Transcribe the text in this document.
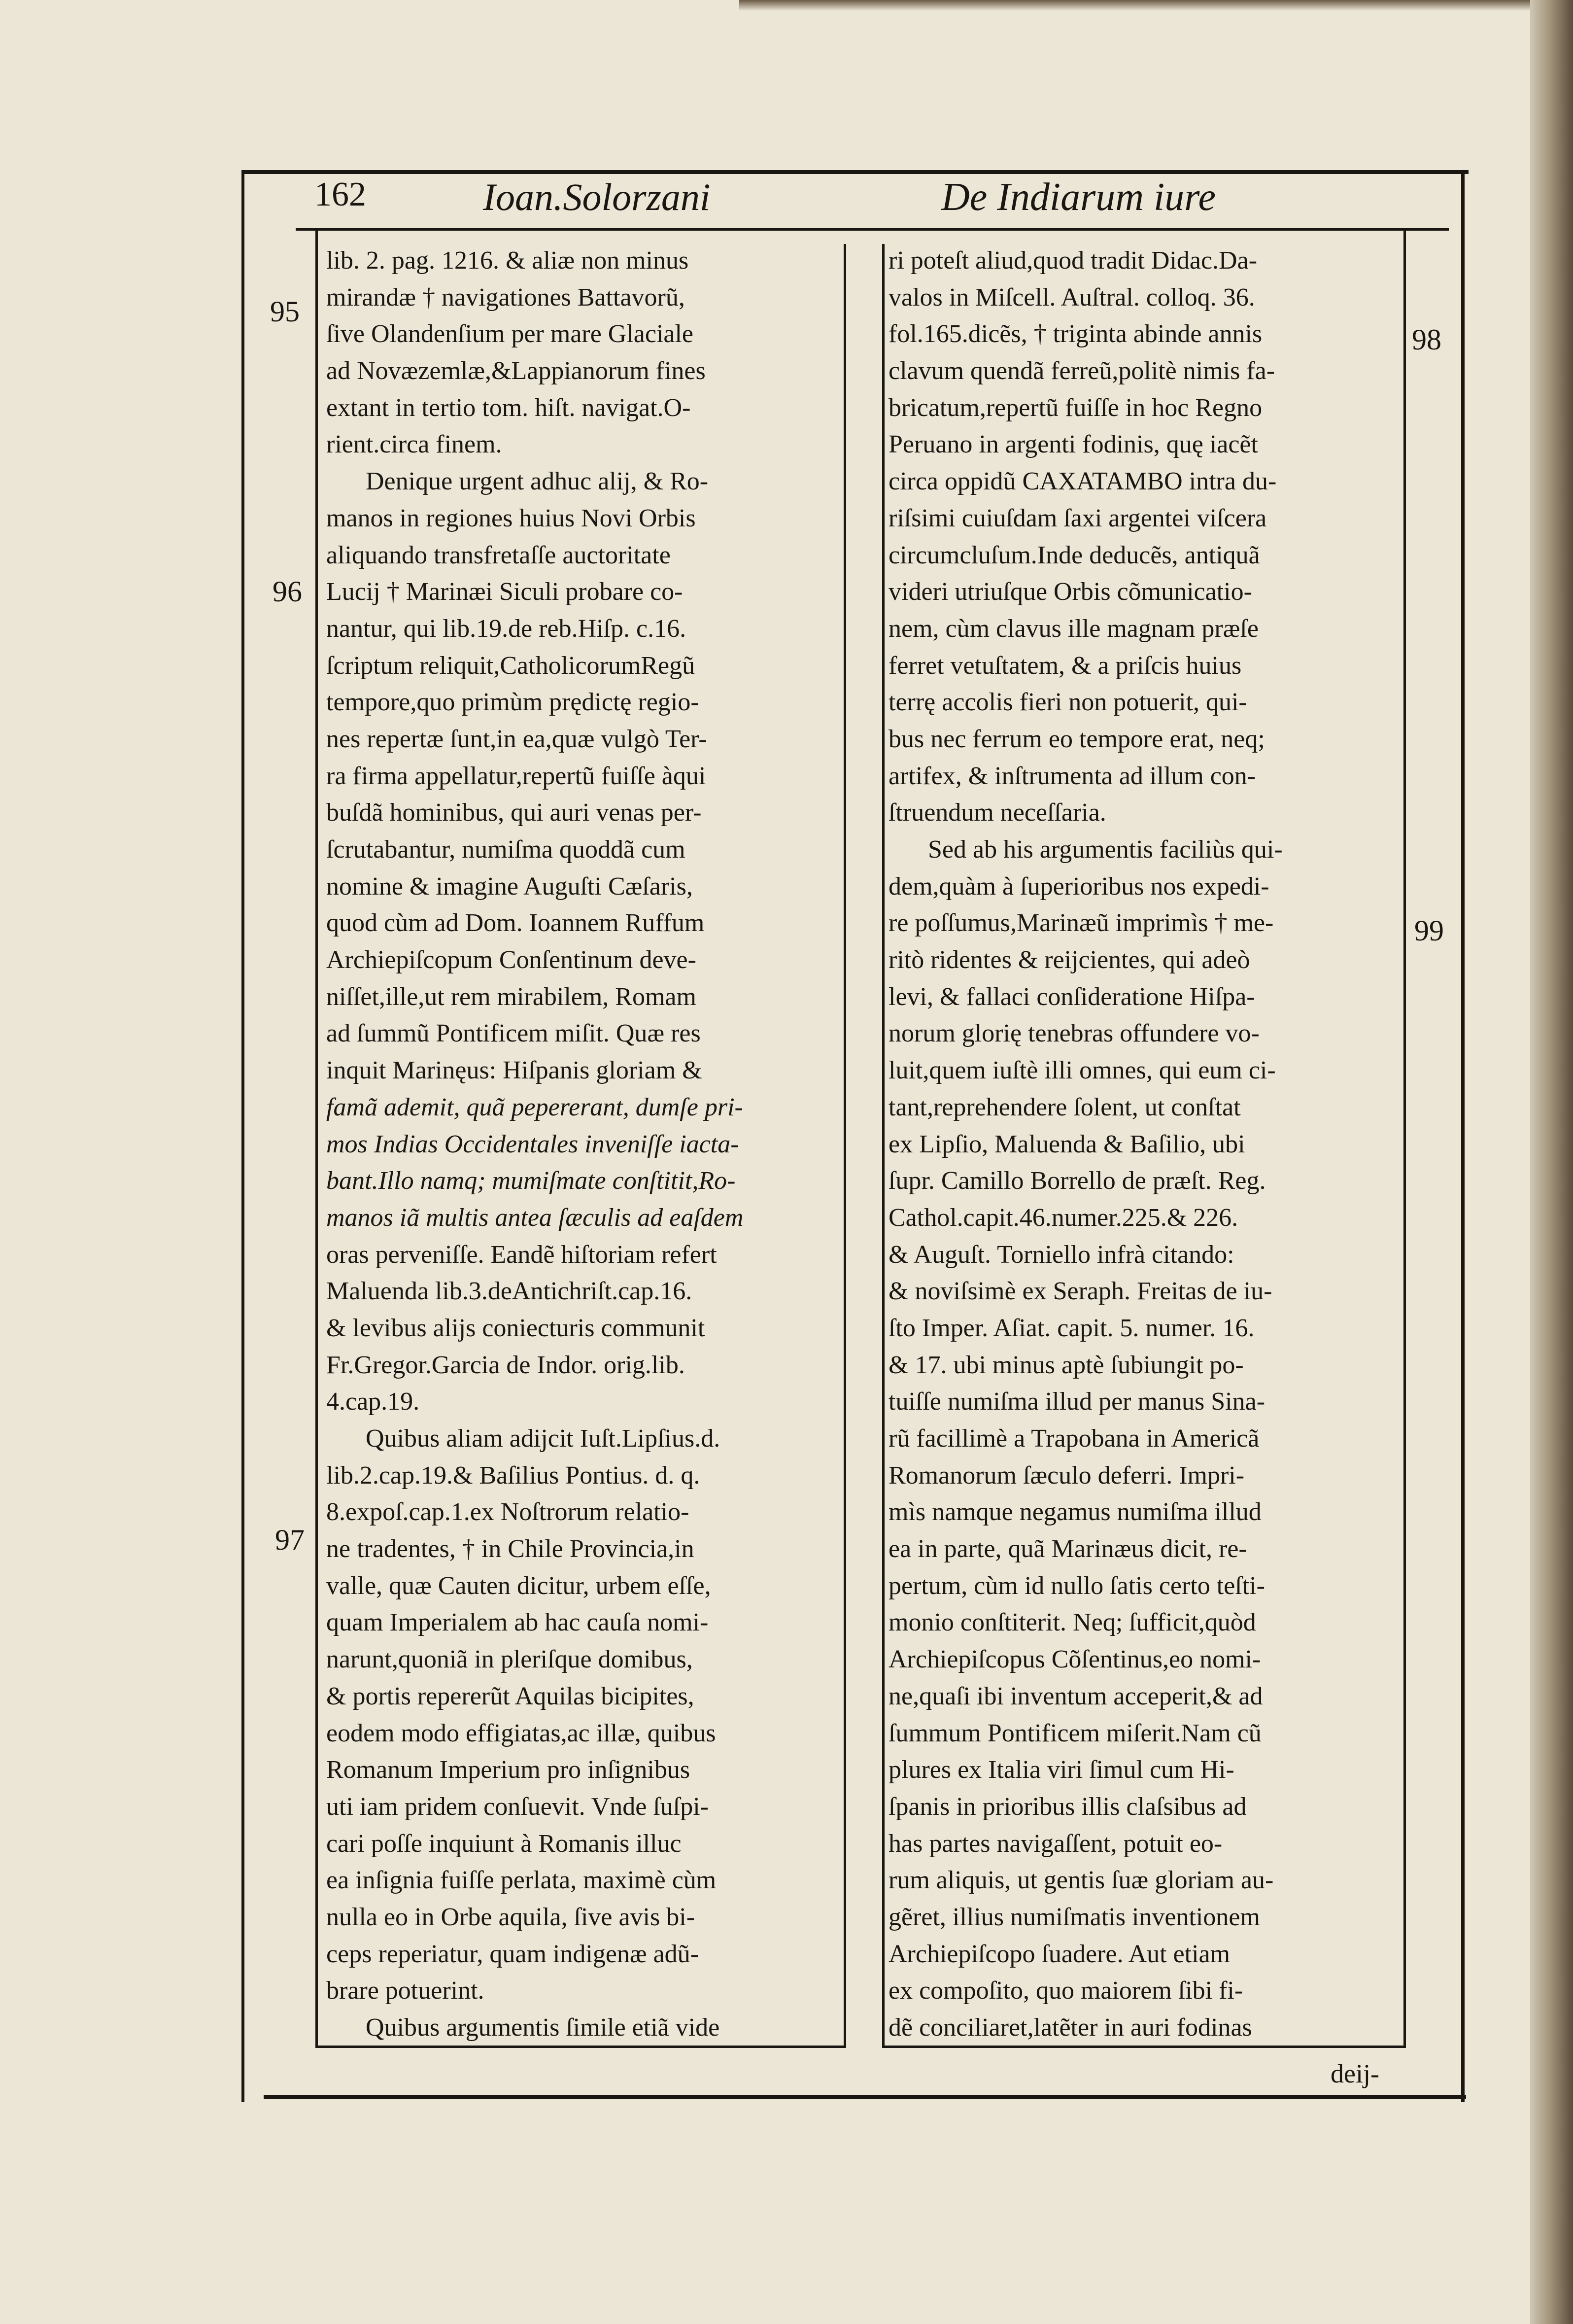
162	Ioan.Solorzani	De Indiarum iure
95
96
97
98
99
lib. 2. pag. 1216. & aliæ non minus
mirandæ † navigationes Battavorũ,
ſive Olandenſium per mare Glaciale
ad Novæzemlæ,&Lappianorum fines
extant in tertio tom. hiſt. navigat.O-
rient.circa finem.
Denique urgent adhuc alij, & Ro-
manos in regiones huius Novi Orbis
aliquando transfretaſſe auctoritate
Lucij † Marinæi Siculi probare co-
nantur, qui lib.19.de reb.Hiſp. c.16.
ſcriptum reliquit,CatholicorumRegũ
tempore,quo primùm prędictę regio-
nes repertæ ſunt,in ea,quæ vulgò Ter-
ra firma appellatur,repertũ fuiſſe àqui
buſdã hominibus, qui auri venas per-
ſcrutabantur, numiſma quoddã cum
nomine & imagine Auguſti Cæſaris,
quod cùm ad Dom. Ioannem Ruffum
Archiepiſcopum Conſentinum deve-
niſſet,ille,ut rem mirabilem, Romam
ad ſummũ Pontificem miſit. Quæ res
inquit Marinęus: Hiſpanis gloriam &
famã ademit, quã pepererant, dumſe pri-
mos Indias Occidentales inveniſſe iacta-
bant.Illo namq; mumiſmate conſtitit,Ro-
manos iã multis antea ſæculis ad eaſdem
oras perveniſſe. Eandẽ hiſtoriam refert
Maluenda lib.3.deAntichriſt.cap.16.
& levibus alijs coniecturis communit
Fr.Gregor.Garcia de Indor. orig.lib.
4.cap.19.
Quibus aliam adijcit Iuſt.Lipſius.d.
lib.2.cap.19.& Baſilius Pontius. d. q.
8.expoſ.cap.1.ex Noſtrorum relatio-
ne tradentes, † in Chile Provincia,in
valle, quæ Cauten dicitur, urbem eſſe,
quam Imperialem ab hac cauſa nomi-
narunt,quoniã in pleriſque domibus,
& portis repererũt Aquilas bicipites,
eodem modo effigiatas,ac illæ, quibus
Romanum Imperium pro inſignibus
uti iam pridem conſuevit. Vnde ſuſpi-
cari poſſe inquiunt à Romanis illuc
ea inſignia fuiſſe perlata, maximè cùm
nulla eo in Orbe aquila, ſive avis bi-
ceps reperiatur, quam indigenæ adũ-
brare potuerint.
Quibus argumentis ſimile etiã vide
ri poteſt aliud,quod tradit Didac.Da-
valos in Miſcell. Auſtral. colloq. 36.
fol.165.dicẽs, † triginta abinde annis
clavum quendã ferreũ,politè nimis fa-
bricatum,repertũ fuiſſe in hoc Regno
Peruano in argenti fodinis, quę iacẽt
circa oppidũ CAXATAMBO intra du-
riſsimi cuiuſdam ſaxi argentei viſcera
circumcluſum.Inde deducẽs, antiquã
videri utriuſque Orbis cõmunicatio-
nem, cùm clavus ille magnam præſe
ferret vetuſtatem, & a priſcis huius
terrę accolis fieri non potuerit, qui-
bus nec ferrum eo tempore erat, neq;
artifex, & inſtrumenta ad illum con-
ſtruendum neceſſaria.
Sed ab his argumentis faciliùs qui-
dem,quàm à ſuperioribus nos expedi-
re poſſumus,Marinæũ imprimìs † me-
ritò ridentes & reijcientes, qui adeò
levi, & fallaci conſideratione Hiſpa-
norum glorię tenebras offundere vo-
luit,quem iuſtè illi omnes, qui eum ci-
tant,reprehendere ſolent, ut conſtat
ex Lipſio, Maluenda & Baſilio, ubi
ſupr. Camillo Borrello de præſt. Reg.
Cathol.capit.46.numer.225.& 226.
& Auguſt. Torniello infrà citando:
& noviſsimè ex Seraph. Freitas de iu-
ſto Imper. Aſiat. capit. 5. numer. 16.
& 17. ubi minus aptè ſubiungit po-
tuiſſe numiſma illud per manus Sina-
rũ facillimè a Trapobana in Americã
Romanorum ſæculo deferri. Impri-
mìs namque negamus numiſma illud
ea in parte, quã Marinæus dicit, re-
pertum, cùm id nullo ſatis certo teſti-
monio conſtiterit. Neq; ſufficit,quòd
Archiepiſcopus Cõſentinus,eo nomi-
ne,quaſi ibi inventum acceperit,& ad
ſummum Pontificem miſerit.Nam cũ
plures ex Italia viri ſimul cum Hi-
ſpanis in prioribus illis claſsibus ad
has partes navigaſſent, potuit eo-
rum aliquis, ut gentis ſuæ gloriam au-
gẽret, illius numiſmatis inventionem
Archiepiſcopo ſuadere. Aut etiam
ex compoſito, quo maiorem ſibi fi-
dẽ conciliaret,latẽter in auri fodinas
deij-
